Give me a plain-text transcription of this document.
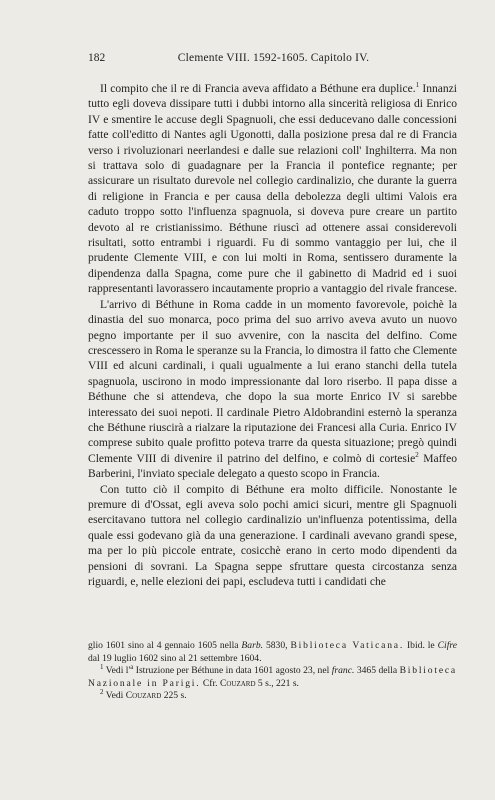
182	Clemente VIII. 1592-1605. Capitolo IV.

Il compito che il re di Francia aveva affidato a Béthune era duplice.$^1$ Innanzi tutto egli doveva dissipare tutti i dubbi intorno alla sincerità religiosa di Enrico IV e smentire le accuse degli Spagnuoli, che essi deducevano dalle concessioni fatte coll'editto di Nantes agli Ugonotti, dalla posizione presa dal re di Francia verso i rivoluzionari neerlandesi e dalle sue relazioni coll' Inghilterra. Ma non si trattava solo di guadagnare per la Francia il pontefice regnante; per assicurare un risultato durevole nel collegio cardinalizio, che durante la guerra di religione in Francia e per causa della debolezza degli ultimi Valois era caduto troppo sotto l'influenza spagnuola, si doveva pure creare un partito devoto al re cristianissimo. Béthune riuscì ad ottenere assai considerevoli risultati, sotto entrambi i riguardi. Fu di sommo vantaggio per lui, che il prudente Clemente VIII, e con lui molti in Roma, sentissero duramente la dipendenza dalla Spagna, come pure che il gabinetto di Madrid ed i suoi rappresentanti lavorassero incautamente proprio a vantaggio del rivale francese.

L'arrivo di Béthune in Roma cadde in un momento favorevole, poichè la dinastia del suo monarca, poco prima del suo arrivo aveva avuto un nuovo pegno importante per il suo avvenire, con la nascita del delfino. Come crescessero in Roma le speranze su la Francia, lo dimostra il fatto che Clemente VIII ed alcuni cardinali, i quali ugualmente a lui erano stanchi della tutela spagnuola, uscirono in modo impressionante dal loro riserbo. Il papa disse a Béthune che si attendeva, che dopo la sua morte Enrico IV si sarebbe interessato dei suoi nepoti. Il cardinale Pietro Aldobrandini esternò la speranza che Béthune riuscirà a rialzare la riputazione dei Francesi alla Curia. Enrico IV comprese subito quale profitto poteva trarre da questa situazione; pregò quindi Clemente VIII di divenire il patrino del delfino, e colmò di cortesie$^2$ Maffeo Barberini, l'inviato speciale delegato a questo scopo in Francia.

Con tutto ciò il compito di Béthune era molto difficile. Nonostante le premure di d'Ossat, egli aveva solo pochi amici sicuri, mentre gli Spagnuoli esercitavano tuttora nel collegio cardinalizio un'influenza potentissima, della quale essi godevano già da una generazione. I cardinali avevano grandi spese, ma per lo più piccole entrate, cosicchè erano in certo modo dipendenti da pensioni di sovrani. La Spagna seppe sfruttare questa circostanza senza riguardi, e, nelle elezioni dei papi, escludeva tutti i candidati che

glio 1601 sino al 4 gennaio 1605 nella Barb. 5830, Biblioteca Vaticana. Ibid. le Cifre dal 19 luglio 1602 sino al 21 settembre 1604.

$^1$ Vedi $l'^a$ Istruzione per Béthune in data 1601 agosto 23, nel franc. 3465 della Biblioteca Nazionale in Parigi. Cfr. Couzard 5 s., 221 s.

$^2$ Vedi Couzard 225 s.
